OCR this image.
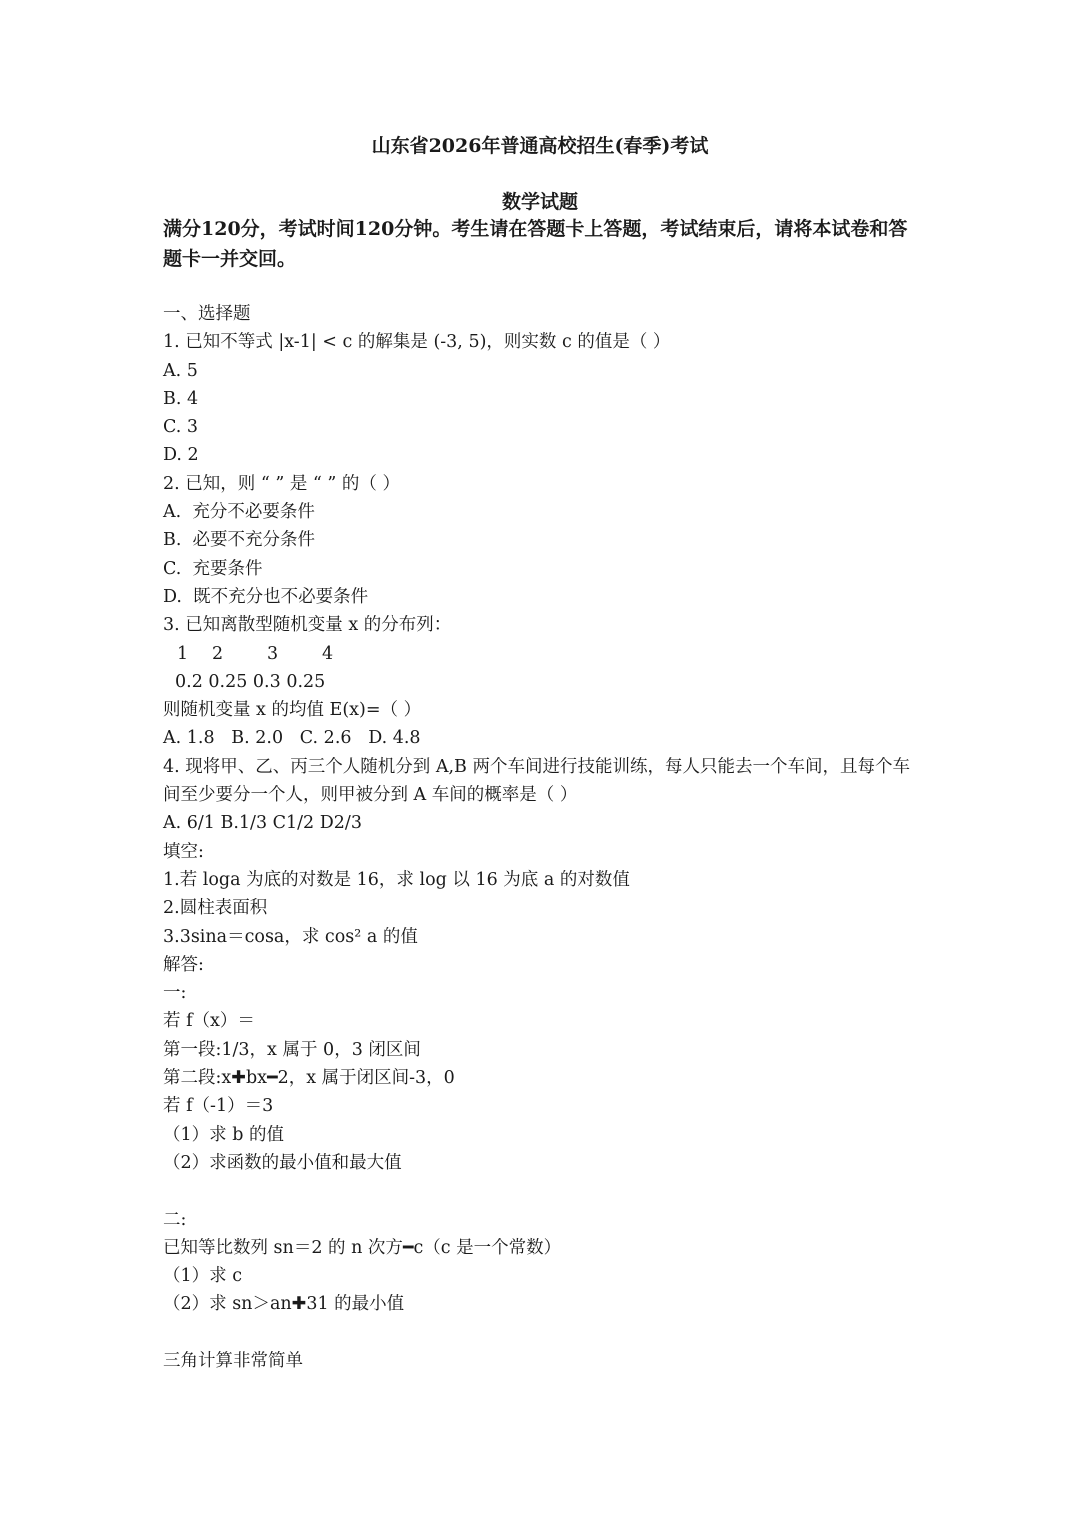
山东省2026年普通高校招生(春季)考试
数学试题
满分120分，考试时间120分钟。考生请在答题卡上答题，考试结束后，请将本试卷和答题卡一并交回。
一、选择题
1. 已知不等式 |x-1| < c 的解集是 (-3, 5)，则实数 c 的值是（ ）
A. 5
B. 4
C. 3
D. 2
2. 已知，则 “ ” 是 “ ” 的（ ）
A.  充分不必要条件
B.  必要不充分条件
C.  充要条件
D.  既不充分也不必要条件
3. 已知离散型随机变量 x 的分布列：
1 2	3	4
0.2 0.25 0.3 0.25
则随机变量 x 的均值 E(x)=（ ）
A. 1.8   B. 2.0   C. 2.6   D. 4.8
4. 现将甲、乙、丙三个人随机分到 A,B 两个车间进行技能训练，每人只能去一个车间，且每个车间至少要分一个人，则甲被分到 A 车间的概率是（ ）
A. 6/1 B.1/3 C1/2 D2/3
填空:
1.若 loga 为底的对数是 16，求 log 以 16 为底 a 的对数值
2.圆柱表面积
3.3sina＝cosa，求 cos² a 的值
解答:
一:
若 f（x）＝
第一段:1/3，x 属于 0，3 闭区间
第二段:x✚bx━2，x 属于闭区间-3，0
若 f（-1）＝3
（1）求 b 的值
（2）求函数的最小值和最大值
二:
已知等比数列 sn＝2 的 n 次方━c（c 是一个常数）
（1）求 c
（2）求 sn＞an✚31 的最小值
三角计算非常简单
